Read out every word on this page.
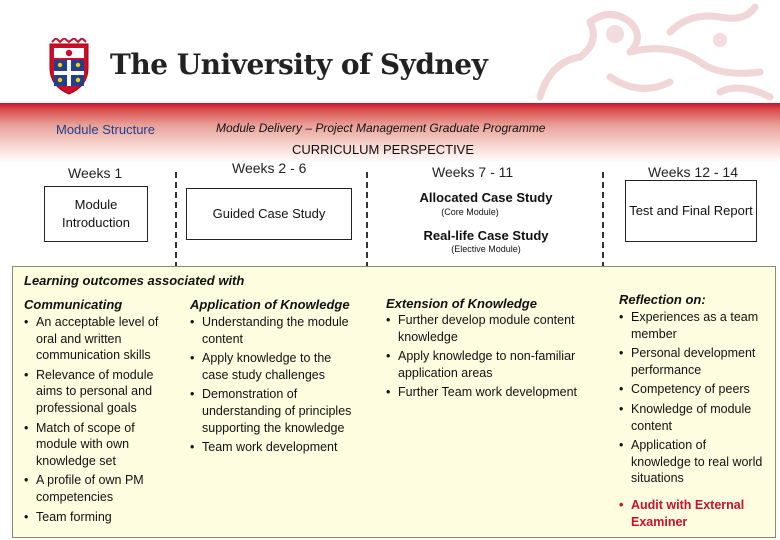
The University of Sydney
Module Structure	Module Delivery – Project Management Graduate Programme
CURRICULUM PERSPECTIVE
Weeks 1	Weeks 2 - 6	Weeks 7 - 11	Weeks 12 - 14
Module Introduction
Guided Case Study	Test and Final Report
Allocated Case Study
(Core Module)
Real-life Case Study
(Elective Module)
Learning outcomes associated with
Communicating
• An acceptable level of oral and written communication skills
• Relevance of module aims to personal and professional goals
• Match of scope of module with own knowledge set
• A profile of own PM competencies
• Team forming
Application of Knowledge
• Understanding the module content
• Apply knowledge to the case study challenges
• Demonstration of understanding of principles supporting the knowledge
• Team work development
Extension of Knowledge
• Further develop module content knowledge
• Apply knowledge to non-familiar application areas
• Further Team work development
Reflection on:
• Experiences as a team member
• Personal development performance
• Competency of peers
• Knowledge of module content
• Application of knowledge to real world situations
• Audit with External Examiner
